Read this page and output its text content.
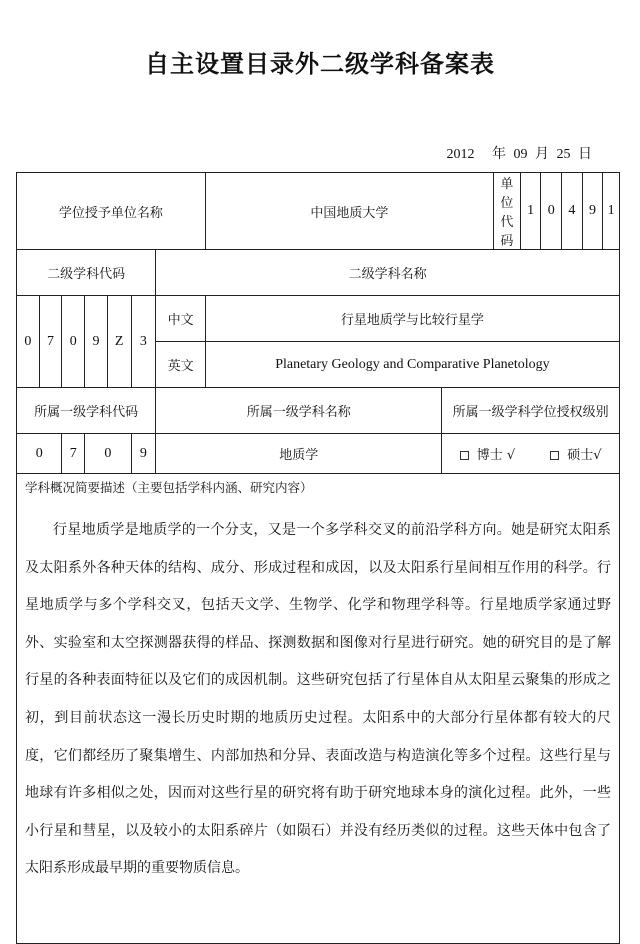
自主设置目录外二级学科备案表
2012 年 09 月 25 日
学位授予单位名称							中国地质大学		单位代码	1	0	4	9	1
二级学科代码						二级学科名称								
0	7	0	9	Z	3	中文	行星地质学与比较行星学							
						英文	Planetary Geology and Comparative Planetology							
所属一级学科代码						所属一级学科名称		所属一级学科学位授权级别						
0		7	0		9	地质学		博士 √ 硕士√						

学科概况简要描述（主要包括学科内涵、研究内容）
行星地质学是地质学的一个分支，又是一个多学科交叉的前沿学科方向。她是研究太阳系及太阳系外各种天体的结构、成分、形成过程和成因，以及太阳系行星间相互作用的科学。行星地质学与多个学科交叉，包括天文学、生物学、化学和物理学科等。行星地质学家通过野外、实验室和太空探测器获得的样品、探测数据和图像对行星进行研究。她的研究目的是了解行星的各种表面特征以及它们的成因机制。这些研究包括了行星体自从太阳星云聚集的形成之初，到目前状态这一漫长历史时期的地质历史过程。太阳系中的大部分行星体都有较大的尺度，它们都经历了聚集增生、内部加热和分异、表面改造与构造演化等多个过程。这些行星与地球有许多相似之处，因而对这些行星的研究将有助于研究地球本身的演化过程。此外，一些小行星和彗星，以及较小的太阳系碎片（如陨石）并没有经历类似的过程。这些天体中包含了太阳系形成最早期的重要物质信息。														
